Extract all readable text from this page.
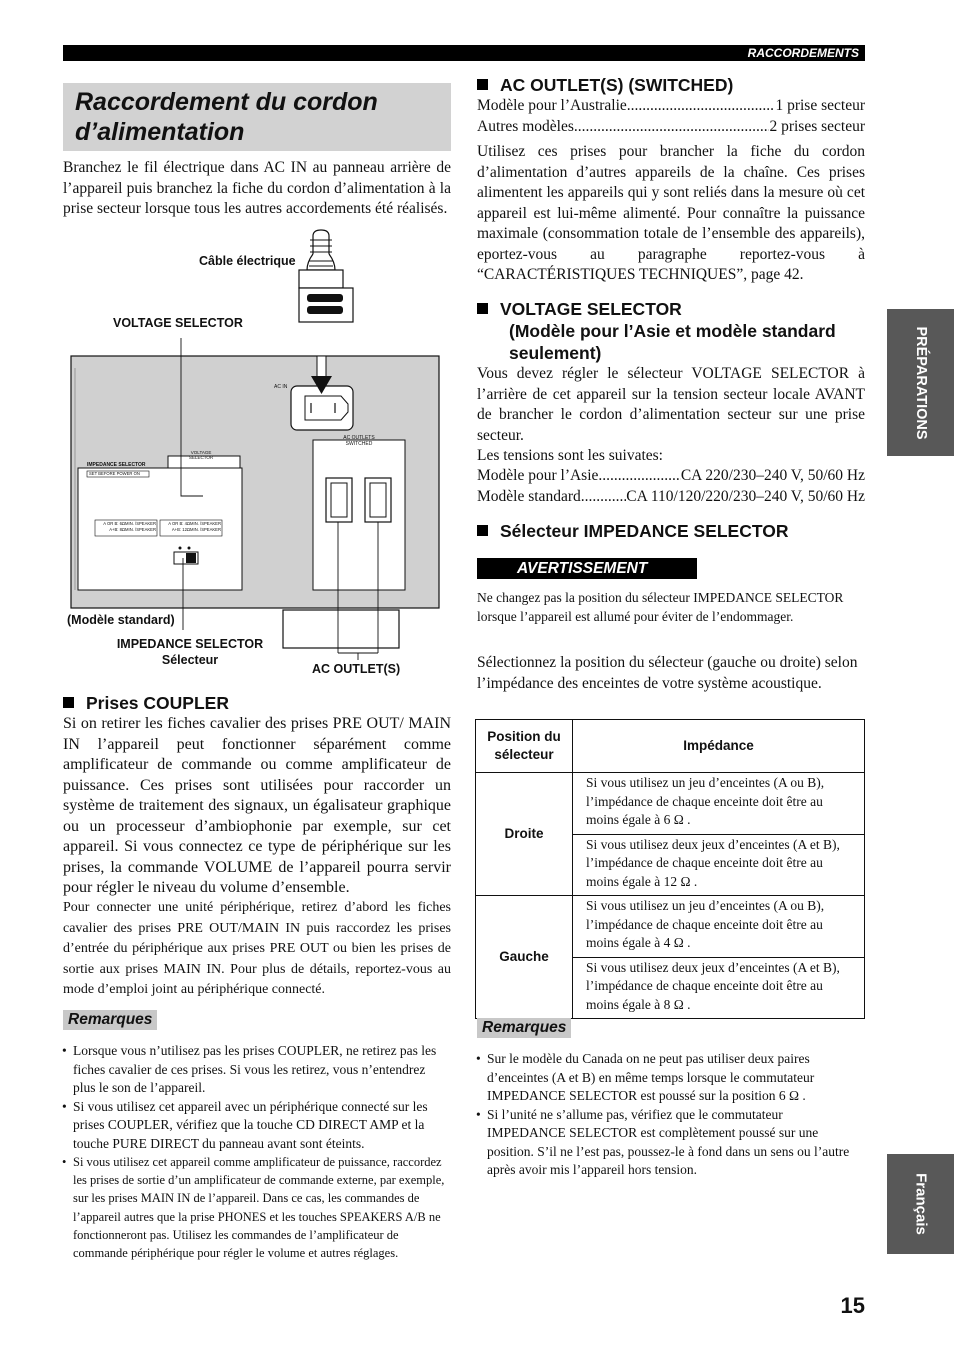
RACCORDEMENTS
PRÉPARATIONS
Français
15
Raccordement du cordon
d’alimentation

Branchez le fil électrique dans AC IN au panneau arrière de l’appareil puis branchez la fiche du cordon d’alimentation à la prise secteur lorsque tous les autres accordements été réalisés.

Câble électrique
VOLTAGE SELECTOR
(Modèle standard)
IMPEDANCE SELECTOR
Sélecteur
AC OUTLET(S)
AC IN
VOLTAGE
SELECTOR
IMPEDANCE SELECTOR
SET BEFORE POWER ON
A OR B: 6ΩMIN. /SPEAKER
A+B: 8ΩMIN. /SPEAKER
A OR B: 4ΩMIN. /SPEAKER
A+B: 12ΩMIN. /SPEAKER
AC OUTLETS
SWITCHED
Prises COUPLER

Si on retirer les fiches cavalier des prises PRE OUT/ MAIN IN l’appareil peut fonctionner séparément comme amplificateur de commande ou comme amplificateur de puissance. Ces prises sont utilisées pour raccorder un système de traitement des signaux, un égalisateur graphique ou un processeur d’ambiophonie par exemple, sur cet appareil. Si vous connectez ce type de périphérique sur les prises, la commande VOLUME de l’appareil pourra servir pour régler le niveau du volume d’ensemble.

Pour connecter une unité périphérique, retirez d’abord les fiches cavalier des prises PRE OUT/MAIN IN puis raccordez les prises d’entrée du périphérique aux prises PRE OUT ou bien les prises de sortie aux prises MAIN IN. Pour plus de détails, reportez-vous au mode d’emploi joint au périphérique connecté.

Remarques
• Lorsque vous n’utilisez pas les prises COUPLER, ne retirez pas les fiches cavalier de ces prises. Si vous les retirez, vous n’entendrez plus le son de l’appareil.
• Si vous utilisez cet appareil avec un périphérique connecté sur les prises COUPLER, vérifiez que la touche CD DIRECT AMP et la touche PURE DIRECT du panneau avant sont éteints.
• Si vous utilisez cet appareil comme amplificateur de puissance, raccordez les prises de sortie d’un amplificateur de commande externe, par exemple, sur les prises MAIN IN de l’appareil. Dans ce cas, les commandes de l’appareil autres que la prise PHONES et les touches SPEAKERS A/B ne fonctionneront pas. Utilisez les commandes de l’amplificateur de commande périphérique pour régler le volume et autres réglages.
AC OUTLET(S) (SWITCHED)
Modèle pour l’Australie .....	1 prise secteur
Autres modèles .....	2 prises secteur

Utilisez ces prises pour brancher la fiche du cordon d’alimentation d’autres appareils de la chaîne. Ces prises alimentent les appareils qui y sont reliés dans la mesure où cet appareil est lui-même alimenté. Pour connaître la puissance maximale (consommation totale de l’ensemble des appareils), eportez-vous au paragraphe reportez-vous à “CARACTÉRISTIQUES TECHNIQUES”, page 42.

VOLTAGE SELECTOR
(Modèle pour l’Asie et modèle standard
seulement)

Vous devez régler le sélecteur VOLTAGE SELECTOR à l’arrière de cet appareil sur la tension secteur locale AVANT de brancher le cordon d’alimentation secteur sur une prise secteur.

Les tensions sont les suivates:
Modèle pour l’Asie .....	CA 220/230–240 V, 50/60 Hz
Modèle standard .....	CA 110/120/220/230–240 V, 50/60 Hz
Sélecteur IMPEDANCE SELECTOR
AVERTISSEMENT

Ne changez pas la position du sélecteur IMPEDANCE SELECTOR lorsque l’appareil est allumé pour éviter de l’endommager.

Sélectionnez la position du sélecteur (gauche ou droite) selon l’impédance des enceintes de votre système acoustique.

Position du sélecteur	Impédance
Droite	Si vous utilisez un jeu d’enceintes (A ou B), l’impédance de chaque enceinte doit être au moins égale à 6 Ω .
	Si vous utilisez deux jeux d’enceintes (A et B), l’impédance de chaque enceinte doit être au moins égale à 12 Ω .
Gauche	Si vous utilisez un jeu d’enceintes (A ou B), l’impédance de chaque enceinte doit être au moins égale à 4 Ω .
	Si vous utilisez deux jeux d’enceintes (A et B), l’impédance de chaque enceinte doit être au moins égale à 8 Ω .
Remarques
• Sur le modèle du Canada on ne peut pas utiliser deux paires d’enceintes (A et B) en même temps lorsque le commutateur IMPEDANCE SELECTOR est poussé sur la position 6 Ω .
• Si l’unité ne s’allume pas, vérifiez que le commutateur IMPEDANCE SELECTOR est complètement poussé sur une position. S’il ne l’est pas, poussez-le à fond dans un sens ou l’autre après avoir mis l’appareil hors tension.
